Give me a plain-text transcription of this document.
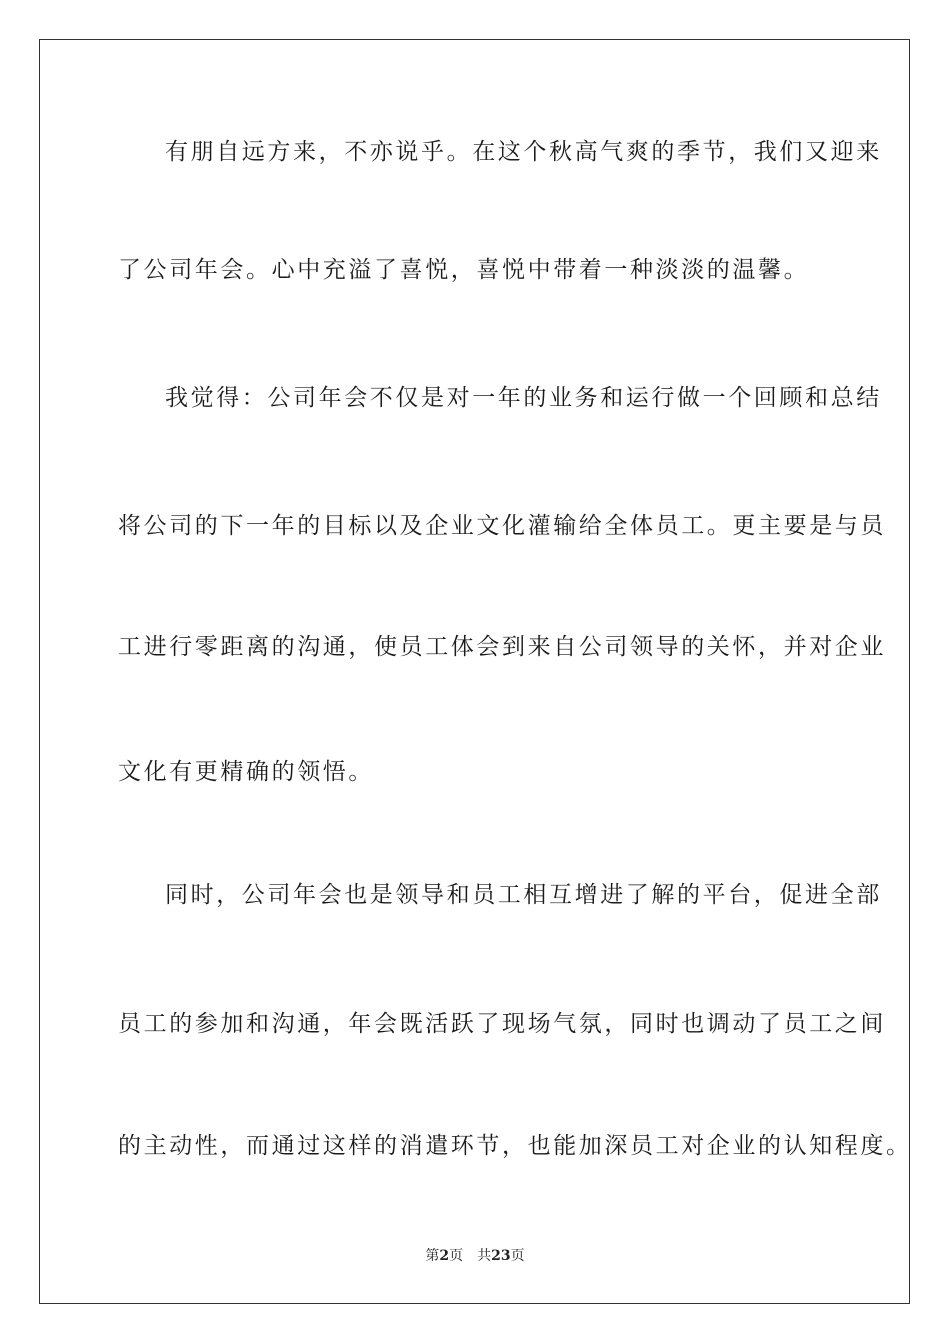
有朋自远方来，不亦说乎。在这个秋高气爽的季节，我们又迎来
了公司年会。心中充溢了喜悦，喜悦中带着一种淡淡的温馨。
我觉得：公司年会不仅是对一年的业务和运行做一个回顾和总结
将公司的下一年的目标以及企业文化灌输给全体员工。更主要是与员
工进行零距离的沟通，使员工体会到来自公司领导的关怀，并对企业
文化有更精确的领悟。
同时，公司年会也是领导和员工相互增进了解的平台，促进全部
员工的参加和沟通，年会既活跃了现场气氛，同时也调动了员工之间
的主动性，而通过这样的消遣环节，也能加深员工对企业的认知程度。
第2页 共23页
